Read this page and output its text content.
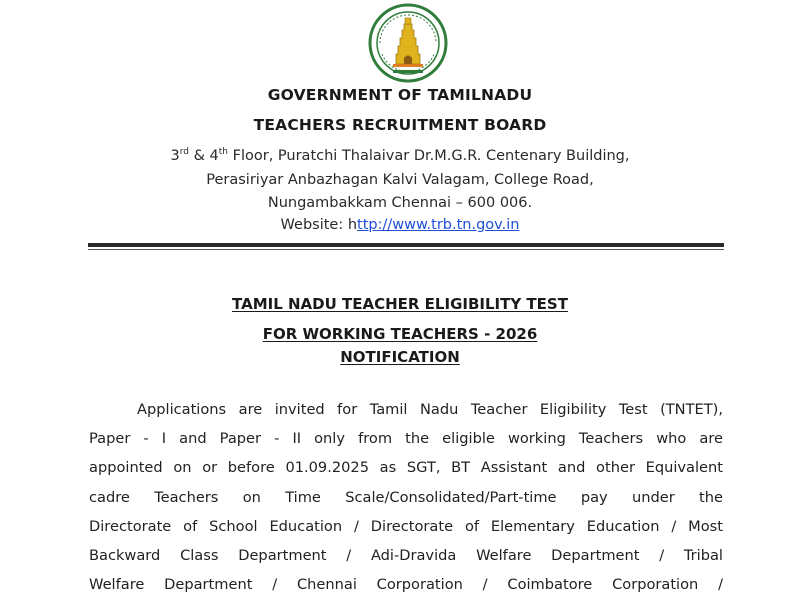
GOVERNMENT OF TAMILNADU
TEACHERS RECRUITMENT BOARD
3rd & 4th Floor, Puratchi Thalaivar Dr.M.G.R. Centenary Building,
Perasiriyar Anbazhagan Kalvi Valagam, College Road,
Nungambakkam Chennai – 600 006.
Website: http://www.trb.tn.gov.in
TAMIL NADU TEACHER ELIGIBILITY TEST
FOR WORKING TEACHERS - 2026
NOTIFICATION
Applications are invited for Tamil Nadu Teacher Eligibility Test (TNTET),
Paper - I and Paper - II only from the eligible working Teachers who are
appointed on or before 01.09.2025 as SGT, BT Assistant and other Equivalent
cadre Teachers on Time Scale/Consolidated/Part-time pay under the
Directorate of School Education / Directorate of Elementary Education / Most
Backward Class Department / Adi-Dravida Welfare Department / Tribal
Welfare Department / Chennai Corporation / Coimbatore Corporation /
